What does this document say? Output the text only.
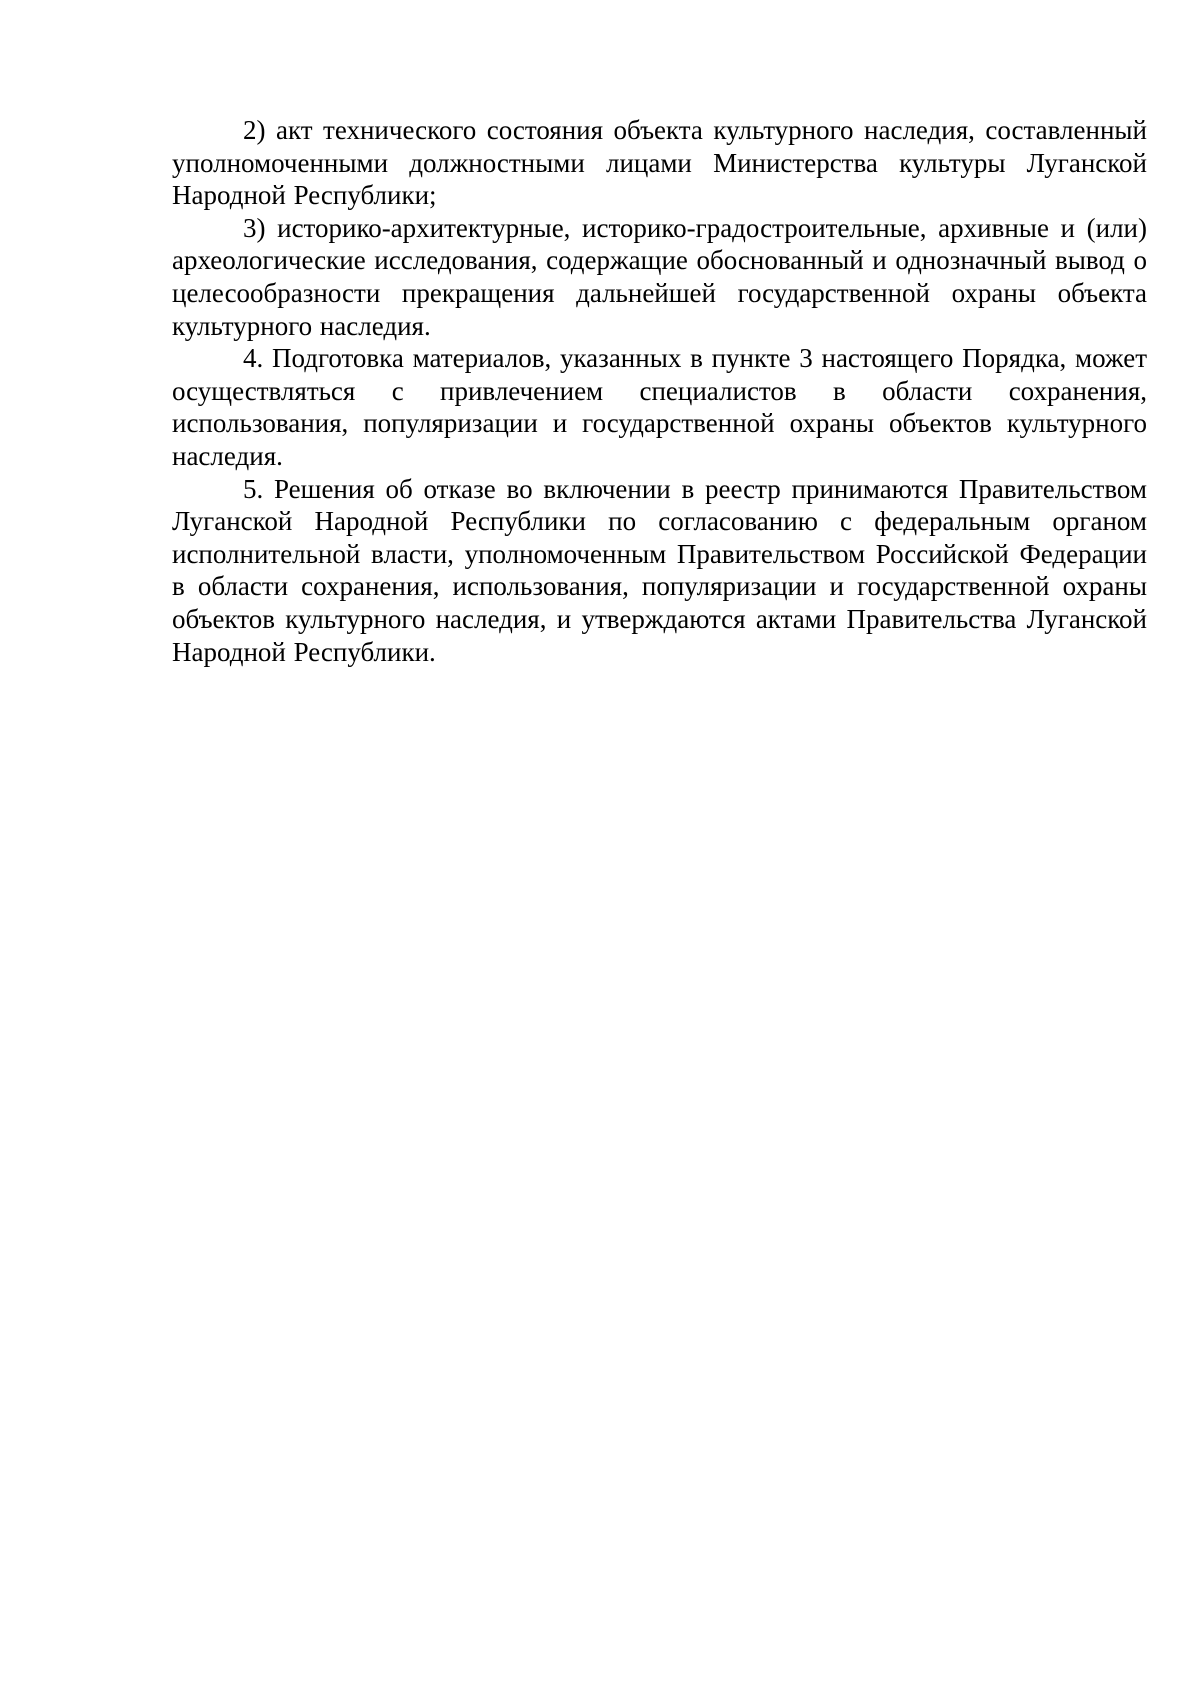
2) акт технического состояния объекта культурного наследия, составленный уполномоченными должностными лицами Министерства культуры Луганской Народной Республики;

3) историко-архитектурные, историко-градостроительные, архивные и (или) археологические исследования, содержащие обоснованный и однозначный вывод о целесообразности прекращения дальнейшей государственной охраны объекта культурного наследия.

4. Подготовка материалов, указанных в пункте 3 настоящего Порядка, может осуществляться с привлечением специалистов в области сохранения, использования, популяризации и государственной охраны объектов культурного наследия.

5. Решения об отказе во включении в реестр принимаются Правительством Луганской Народной Республики по согласованию с федеральным органом исполнительной власти, уполномоченным Правительством Российской Федерации в области сохранения, использования, популяризации и государственной охраны объектов культурного наследия, и утверждаются актами Правительства Луганской Народной Республики.
